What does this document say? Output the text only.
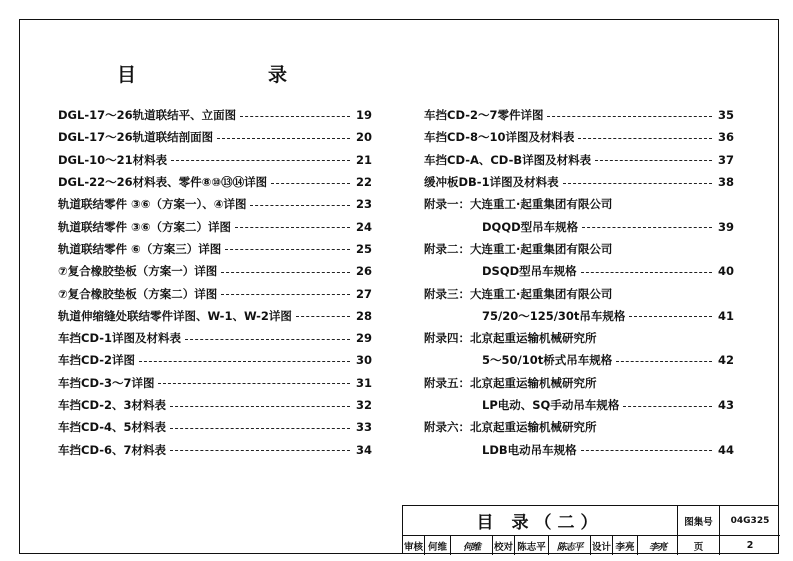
目	录
DGL-17～26轨道联结平、立面图	19
DGL-17～26轨道联结剖面图	20
DGL-10～21材料表	21
DGL-22～26材料表、零件⑧⑩⑬⑭详图	22
轨道联结零件 ③⑥（方案一）、④详图	23
轨道联结零件 ③⑥（方案二）详图	24
轨道联结零件 ⑥（方案三）详图	25
⑦复合橡胶垫板（方案一）详图	26
⑦复合橡胶垫板（方案二）详图	27
轨道伸缩缝处联结零件详图、W-1、W-2详图	28
车挡CD-1详图及材料表	29
车挡CD-2详图	30
车挡CD-3～7详图	31
车挡CD-2、3材料表	32
车挡CD-4、5材料表	33
车挡CD-6、7材料表	34
车挡CD-2～7零件详图	35
车挡CD-8～10详图及材料表	36
车挡CD-A、CD-B详图及材料表	37
缓冲板DB-1详图及材料表	38
附录一：大连重工·起重集团有限公司
DQQD型吊车规格	39
附录二：大连重工·起重集团有限公司
DSQD型吊车规格	40
附录三：大连重工·起重集团有限公司
75/20～125/30t吊车规格	41
附录四：北京起重运输机械研究所
5～50/10t桥式吊车规格	42
附录五：北京起重运输机械研究所
LP电动、SQ手动吊车规格	43
附录六：北京起重运输机械研究所
LDB电动吊车规格	44
目 录（二）	图集号	04G325
审核 何维	何维	校对 陈志平	陈志平	设计 李亮	李亮	页	2
